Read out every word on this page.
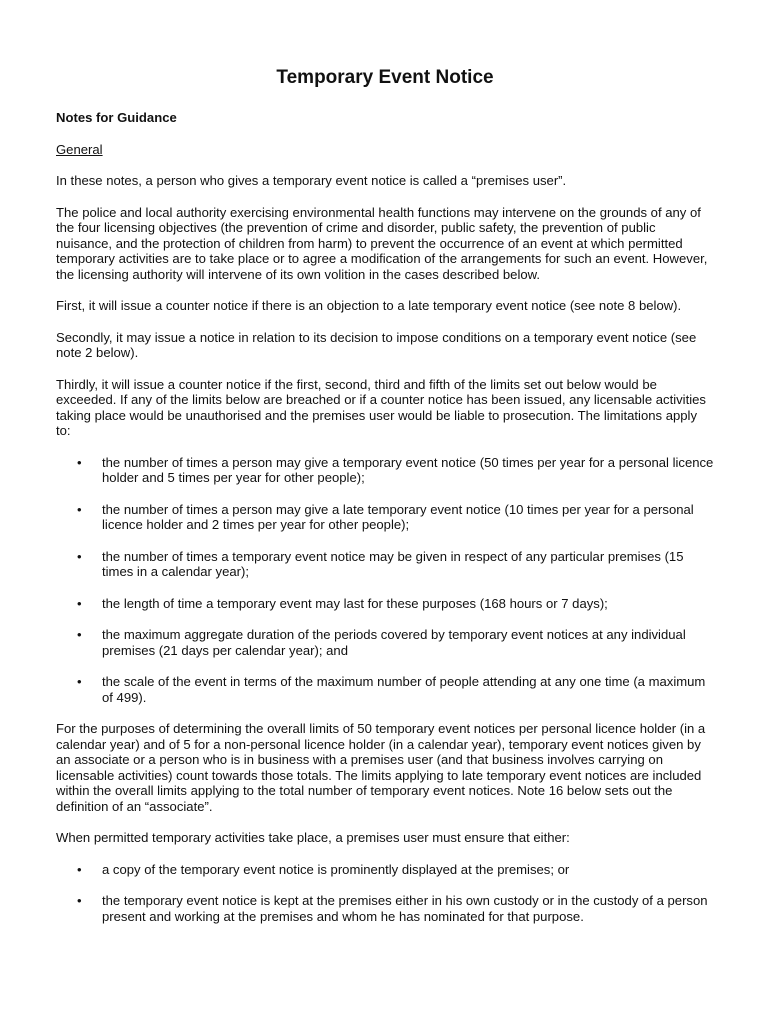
Temporary Event Notice
Notes for Guidance
General

In these notes, a person who gives a temporary event notice is called a “premises user”.

The police and local authority exercising environmental health functions may intervene on the grounds of any of the four licensing objectives (the prevention of crime and disorder, public safety, the prevention of public nuisance, and the protection of children from harm) to prevent the occurrence of an event at which permitted temporary activities are to take place or to agree a modification of the arrangements for such an event. However, the licensing authority will intervene of its own volition in the cases described below.

First, it will issue a counter notice if there is an objection to a late temporary event notice (see note 8 below).

Secondly, it may issue a notice in relation to its decision to impose conditions on a temporary event notice (see note 2 below).

Thirdly, it will issue a counter notice if the first, second, third and fifth of the limits set out below would be exceeded. If any of the limits below are breached or if a counter notice has been issued, any licensable activities taking place would be unauthorised and the premises user would be liable to prosecution. The limitations apply to:

• the number of times a person may give a temporary event notice (50 times per year for a personal licence holder and 5 times per year for other people);
• the number of times a person may give a late temporary event notice (10 times per year for a personal licence holder and 2 times per year for other people);
• the number of times a temporary event notice may be given in respect of any particular premises (15 times in a calendar year);
• the length of time a temporary event may last for these purposes (168 hours or 7 days);
• the maximum aggregate duration of the periods covered by temporary event notices at any individual premises (21 days per calendar year); and
• the scale of the event in terms of the maximum number of people attending at any one time (a maximum of 499).

For the purposes of determining the overall limits of 50 temporary event notices per personal licence holder (in a calendar year) and of 5 for a non-personal licence holder (in a calendar year), temporary event notices given by an associate or a person who is in business with a premises user (and that business involves carrying on licensable activities) count towards those totals. The limits applying to late temporary event notices are included within the overall limits applying to the total number of temporary event notices. Note 16 below sets out the definition of an “associate”.

When permitted temporary activities take place, a premises user must ensure that either:

• a copy of the temporary event notice is prominently displayed at the premises; or
• the temporary event notice is kept at the premises either in his own custody or in the custody of a person present and working at the premises and whom he has nominated for that purpose.
